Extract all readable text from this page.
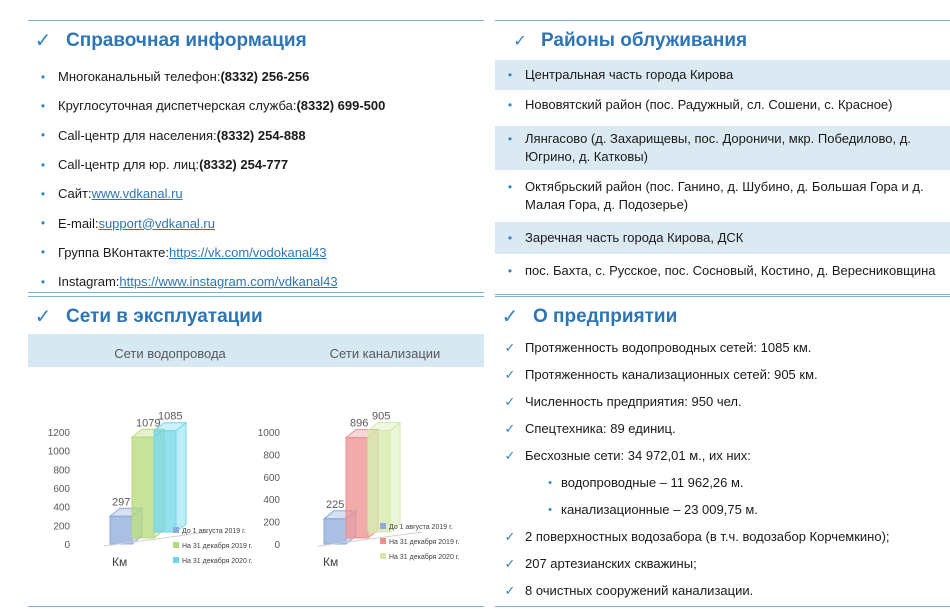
✓ Справочная информация
• Многоканальный телефон: (8332) 256-256
• Круглосуточная диспетчерская служба: (8332) 699-500
• Call-центр для населения: (8332) 254-888
• Call-центр для юр. лиц: (8332) 254-777
• Сайт: www.vdkanal.ru
• E-mail: support@vdkanal.ru
• Группа ВКонтакте: https://vk.com/vodokanal43
• Instagram: https://www.instagram.com/vdkanal43
✓ Районы облуживания
• Центральная часть города Кирова
• Нововятский район (пос. Радужный, сл. Сошени, с. Красное)
• Лянгасово (д. Захарищевы, пос. Дороничи, мкр. Победилово, д. Югрино, д. Катковы)
• Октябрьский район (пос. Ганино, д. Шубино, д. Большая Гора и д. Малая Гора, д. Подозерье)
• Заречная часть города Кирова, ДСК
• пос. Бахта, с. Русское, пос. Сосновый, Костино, д. Вересниковщина
✓ Сети в эксплуатации
Сети водопровода
0
200
400
600
800
1000
1200
297
1079
1085
Км
До 1 августа 2019 г.
На 31 декабря 2019 г.
На 31 декабря 2020 г.
Сети канализации
0
200
400
600
800
1000
225
896
905
Км
До 1 августа 2019 г.
На 31 декабря 2019 г.
На 31 декабря 2020 г.
✓ О предприятии
✓ Протяженность водопроводных сетей: 1085 км.
✓ Протяженность канализационных сетей: 905 км.
✓ Численность предприятия: 950 чел.
✓ Спецтехника: 89 единиц.
✓ Бесхозные сети: 34 972,01 м., их них:
• водопроводные – 11 962,26 м.
• канализационные – 23 009,75 м.
✓ 2 поверхностных водозабора (в т.ч. водозабор Корчемкино);
✓ 207 артезианских скважины;
✓ 8 очистных сооружений канализации.
